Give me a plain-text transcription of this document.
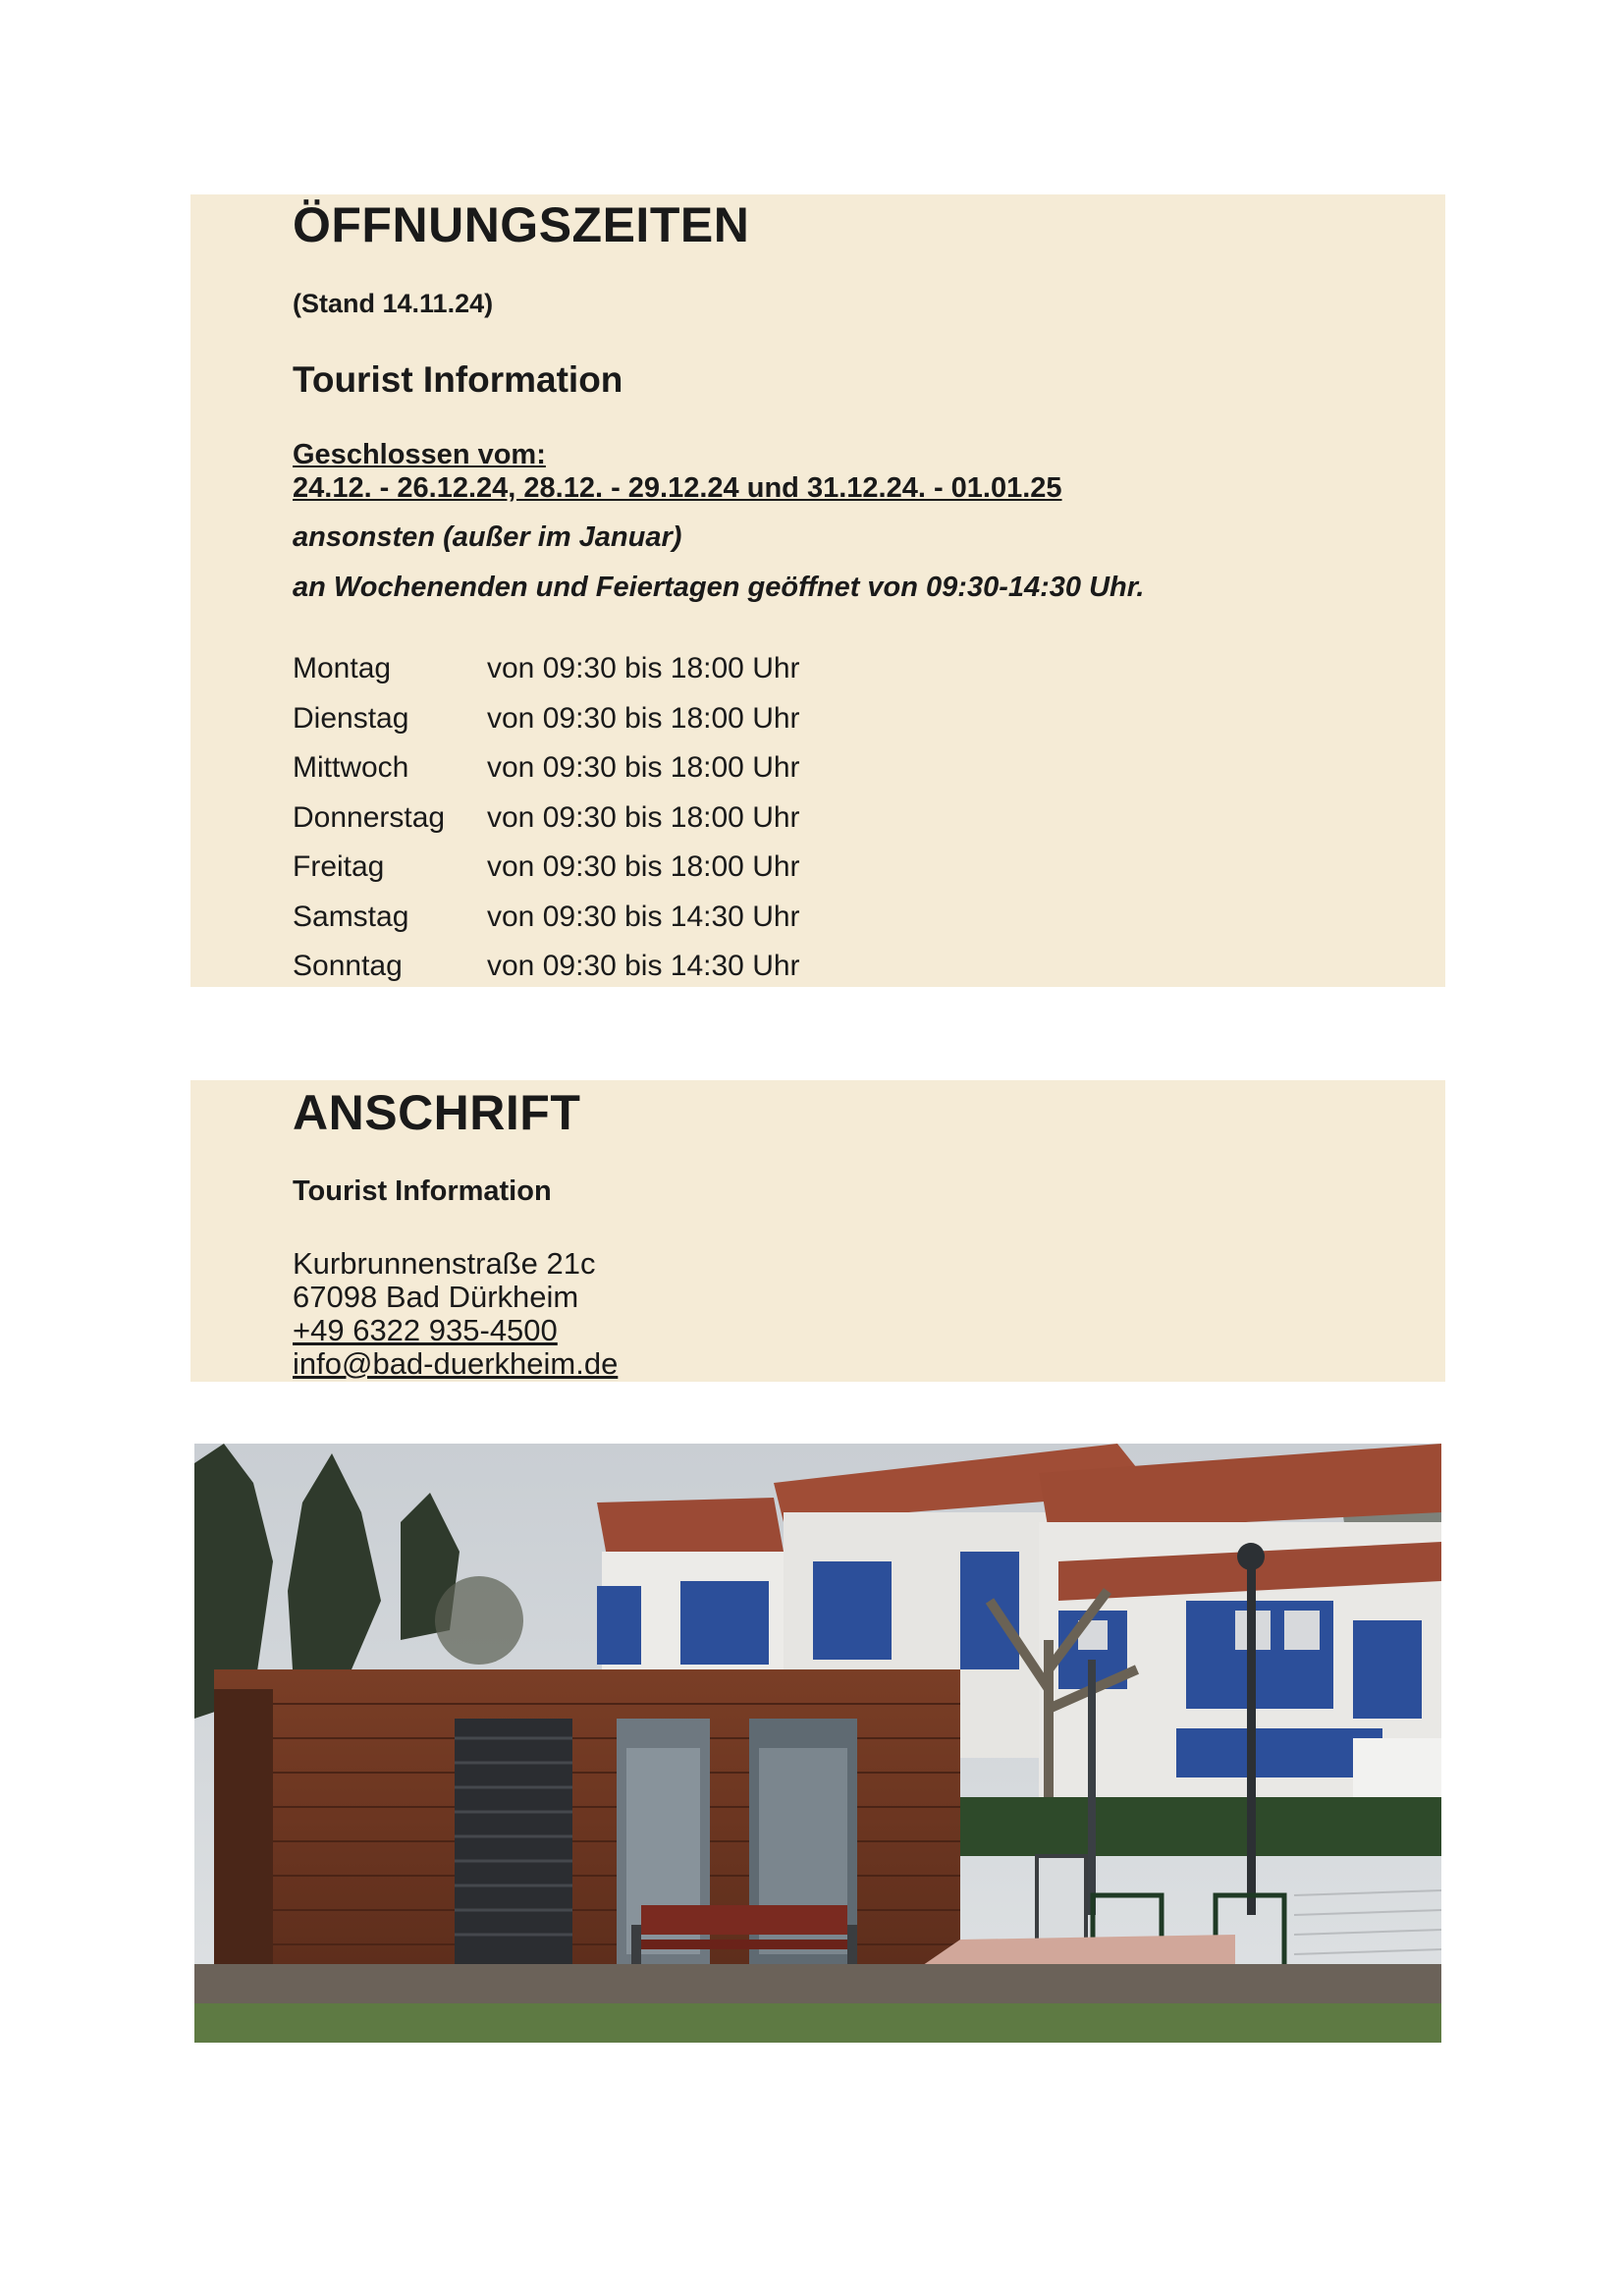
ÖFFNUNGSZEITEN
(Stand 14.11.24)
Tourist Information
Geschlossen vom:
24.12. - 26.12.24, 28.12. - 29.12.24 und 31.12.24. - 01.01.25
ansonsten (außer im Januar)
an Wochenenden und Feiertagen geöffnet von 09:30-14:30 Uhr.
Montag	von 09:30 bis 18:00 Uhr
Dienstag	von 09:30 bis 18:00 Uhr
Mittwoch	von 09:30 bis 18:00 Uhr
Donnerstag	von 09:30 bis 18:00 Uhr
Freitag	von 09:30 bis 18:00 Uhr
Samstag	von 09:30 bis 14:30 Uhr
Sonntag	von 09:30 bis 14:30 Uhr
ANSCHRIFT
Tourist Information
Kurbrunnenstraße 21c
67098 Bad Dürkheim
+49 6322 935-4500
info@bad-duerkheim.de
